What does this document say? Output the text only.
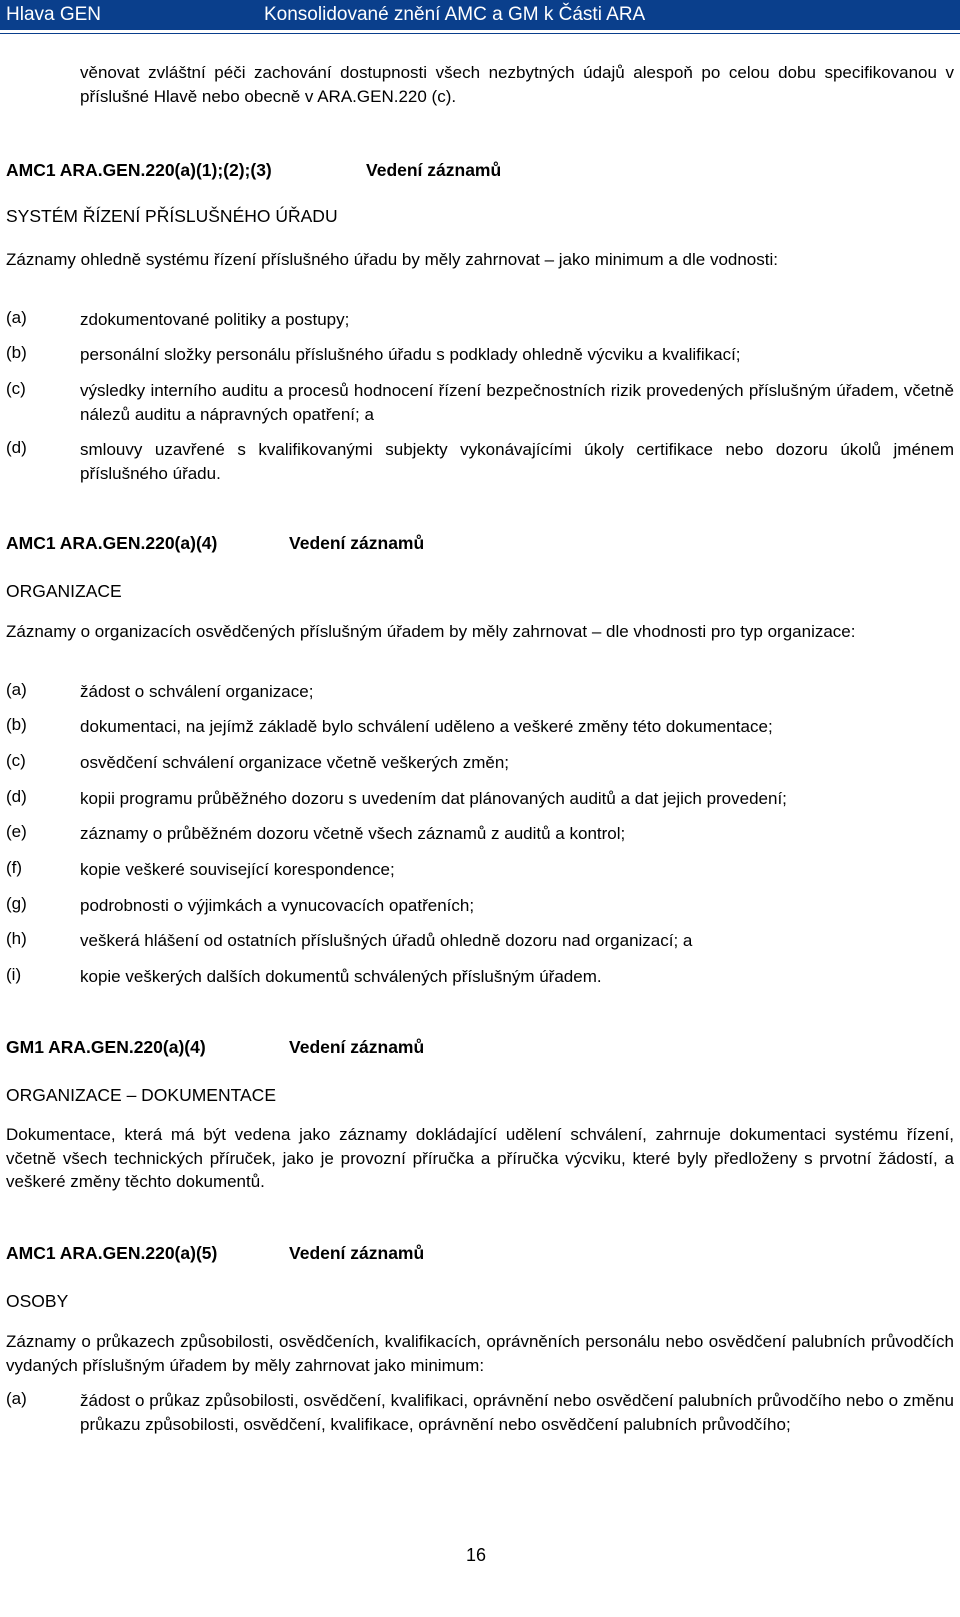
Hlava GEN	Konsolidované znění AMC a GM k Části ARA
věnovat zvláštní péči zachování dostupnosti všech nezbytných údajů alespoň po celou dobu specifikovanou v příslušné Hlavě nebo obecně v ARA.GEN.220 (c).
AMC1 ARA.GEN.220(a)(1);(2);(3)	Vedení záznamů
SYSTÉM ŘÍZENÍ PŘÍSLUŠNÉHO ÚŘADU
Záznamy ohledně systému řízení příslušného úřadu by měly zahrnovat – jako minimum a dle vodnosti:
(a)	zdokumentované politiky a postupy;
(b)	personální složky personálu příslušného úřadu s podklady ohledně výcviku a kvalifikací;
(c)	výsledky interního auditu a procesů hodnocení řízení bezpečnostních rizik provedených příslušným úřadem, včetně nálezů auditu a nápravných opatření; a
(d)	smlouvy uzavřené s kvalifikovanými subjekty vykonávajícími úkoly certifikace nebo dozoru úkolů jménem příslušného úřadu.
AMC1 ARA.GEN.220(a)(4)	Vedení záznamů
ORGANIZACE
Záznamy o organizacích osvědčených příslušným úřadem by měly zahrnovat – dle vhodnosti pro typ organizace:
(a)	žádost o schválení organizace;
(b)	dokumentaci, na jejímž základě bylo schválení uděleno a veškeré změny této dokumentace;
(c)	osvědčení schválení organizace včetně veškerých změn;
(d)	kopii programu průběžného dozoru s uvedením dat plánovaných auditů a dat jejich provedení;
(e)	záznamy o průběžném dozoru včetně všech záznamů z auditů a kontrol;
(f)	kopie veškeré související korespondence;
(g)	podrobnosti o výjimkách a vynucovacích opatřeních;
(h)	veškerá hlášení od ostatních příslušných úřadů ohledně dozoru nad organizací; a
(i)	kopie veškerých dalších dokumentů schválených příslušným úřadem.
GM1 ARA.GEN.220(a)(4)	Vedení záznamů
ORGANIZACE – DOKUMENTACE
Dokumentace, která má být vedena jako záznamy dokládající udělení schválení, zahrnuje dokumentaci systému řízení, včetně všech technických příruček, jako je provozní příručka a příručka výcviku, které byly předloženy s prvotní žádostí, a veškeré změny těchto dokumentů.
AMC1 ARA.GEN.220(a)(5)	Vedení záznamů
OSOBY
Záznamy o průkazech způsobilosti, osvědčeních, kvalifikacích, oprávněních personálu nebo osvědčení palubních průvodčích vydaných příslušným úřadem by měly zahrnovat jako minimum:
(a)	žádost o průkaz způsobilosti, osvědčení, kvalifikaci, oprávnění nebo osvědčení palubních průvodčího nebo o změnu průkazu způsobilosti, osvědčení, kvalifikace, oprávnění nebo osvědčení palubních průvodčího;
16
